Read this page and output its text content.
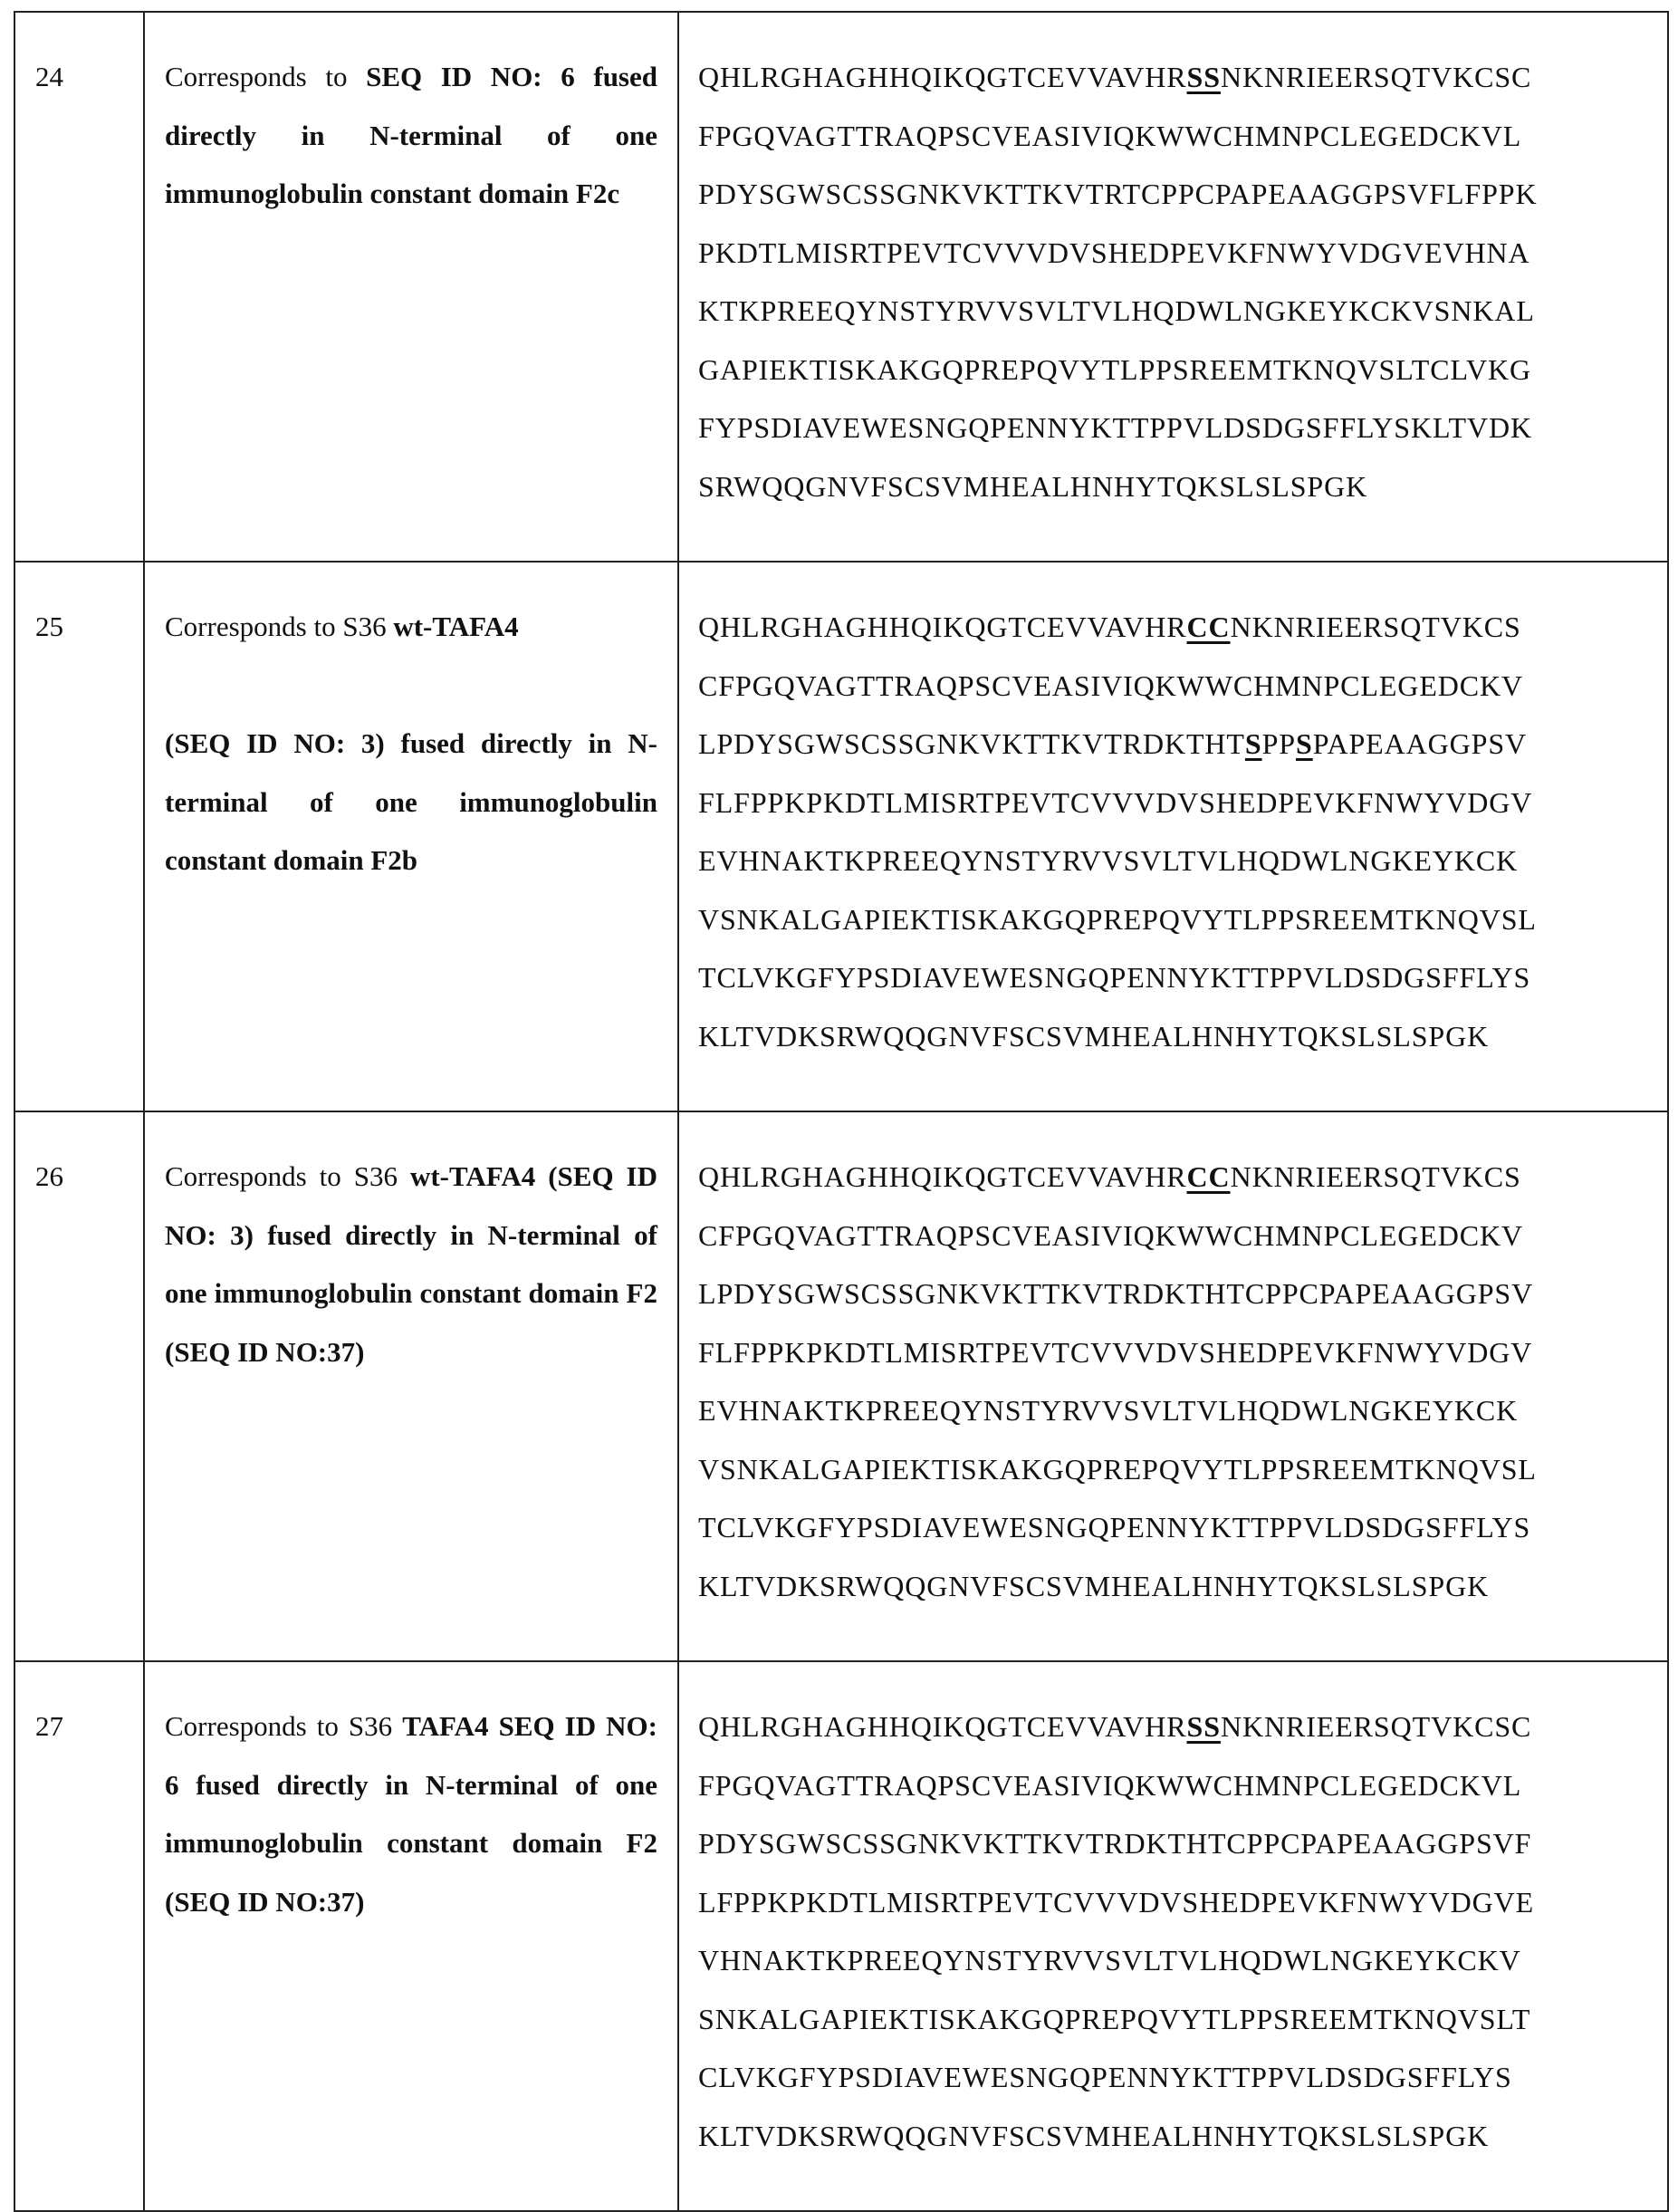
24	Corresponds to SEQ ID NO: 6 fused directly in N-terminal of one immunoglobulin constant domain F2c

QHLRGHAGHHQIKQGTCEVVAVHRSSNKNRIEERSQTVKCSC
FPGQVAGTTRAQPSCVEASIVIQKWWCHMNPCLEGEDCKVL
PDYSGWSCSSGNKVKTTKVTRTCPPCPAPEAAGGPSVFLFPPK
PKDTLMISRTPEVTCVVVDVSHEDPEVKFNWYVDGVEVHNA
KTKPREEQYNSTYRVVSVLTVLHQDWLNGKEYKCKVSNKAL
GAPIEKTISKAKGQPREPQVYTLPPSREEMTKNQVSLTCLVKG
FYPSDIAVEWESNGQPENNYKTTPPVLDSDGSFFLYSKLTVDK
SRWQQGNVFSCSVMHEALHNHYTQKSLSLSPGK

25	Corresponds to S36 wt-TAFA4

(SEQ ID NO: 3) fused directly in N-terminal of one immunoglobulin constant domain F2b

QHLRGHAGHHQIKQGTCEVVAVHRCCNKNRIEERSQTVKCS
CFPGQVAGTTRAQPSCVEASIVIQKWWCHMNPCLEGEDCKV
LPDYSGWSCSSGNKVKTTKVTRDKTHTSPPSPAPEAAGGPSV
FLFPPKPKDTLMISRTPEVTCVVVDVSHEDPEVKFNWYVDGV
EVHNAKTKPREEQYNSTYRVVSVLTVLHQDWLNGKEYKCK
VSNKALGAPIEKTISKAKGQPREPQVYTLPPSREEMTKNQVSL
TCLVKGFYPSDIAVEWESNGQPENNYKTTPPVLDSDGSFFLYS
KLTVDKSRWQQGNVFSCSVMHEALHNHYTQKSLSLSPGK

26	Corresponds to S36 wt-TAFA4 (SEQ ID NO: 3) fused directly in N-terminal of one immunoglobulin constant domain F2 (SEQ ID NO:37)

QHLRGHAGHHQIKQGTCEVVAVHRCCNKNRIEERSQTVKCS
CFPGQVAGTTRAQPSCVEASIVIQKWWCHMNPCLEGEDCKV
LPDYSGWSCSSGNKVKTTKVTRDKTHTCPPCPAPEAAGGPSV
FLFPPKPKDTLMISRTPEVTCVVVDVSHEDPEVKFNWYVDGV
EVHNAKTKPREEQYNSTYRVVSVLTVLHQDWLNGKEYKCK
VSNKALGAPIEKTISKAKGQPREPQVYTLPPSREEMTKNQVSL
TCLVKGFYPSDIAVEWESNGQPENNYKTTPPVLDSDGSFFLYS
KLTVDKSRWQQGNVFSCSVMHEALHNHYTQKSLSLSPGK

27	Corresponds to S36 TAFA4 SEQ ID NO: 6 fused directly in N-terminal of one immunoglobulin constant domain F2 (SEQ ID NO:37)

QHLRGHAGHHQIKQGTCEVVAVHRSSNKNRIEERSQTVKCSC
FPGQVAGTTRAQPSCVEASIVIQKWWCHMNPCLEGEDCKVL
PDYSGWSCSSGNKVKTTKVTRDKTHTCPPCPAPEAAGGPSVF
LFPPKPKDTLMISRTPEVTCVVVDVSHEDPEVKFNWYVDGVE
VHNAKTKPREEQYNSTYRVVSVLTVLHQDWLNGKEYKCKV
SNKALGAPIEKTISKAKGQPREPQVYTLPPSREEMTKNQVSLT
CLVKGFYPSDIAVEWESNGQPENNYKTTPPVLDSDGSFFLYS
KLTVDKSRWQQGNVFSCSVMHEALHNHYTQKSLSLSPGK
